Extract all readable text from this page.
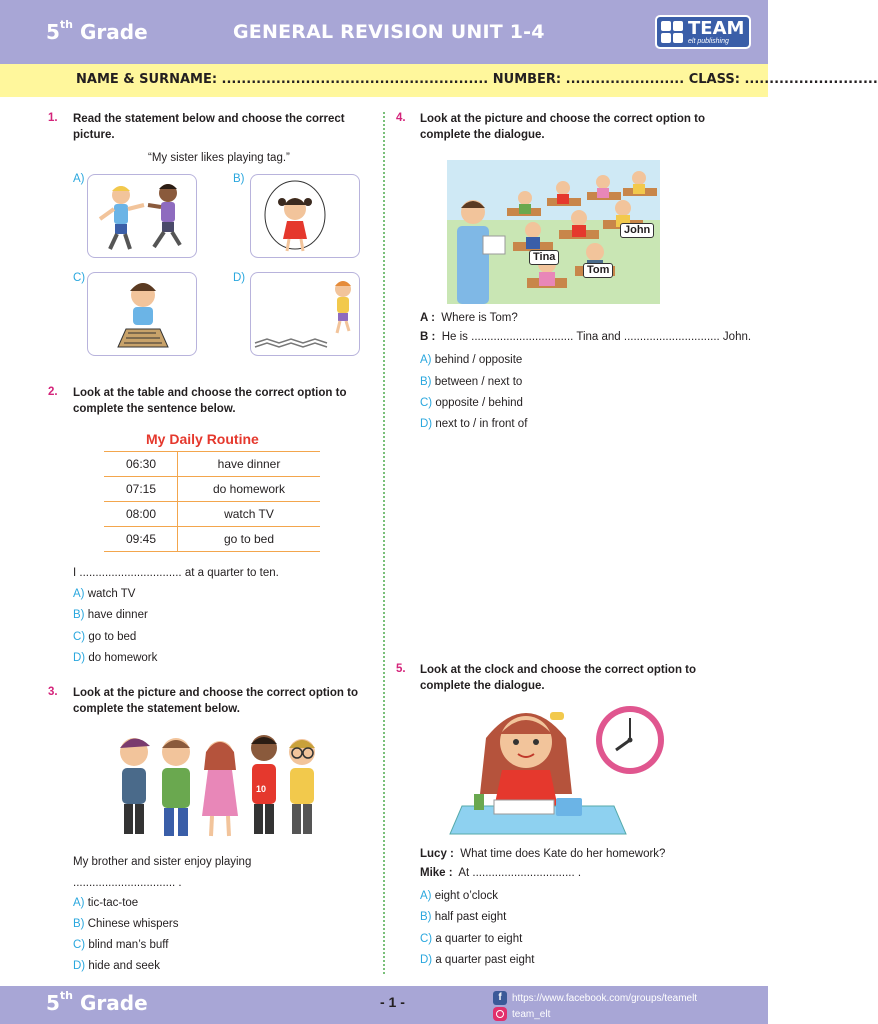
5th Grade	GENERAL REVISION UNIT 1-4	TEAM
elt publishing
NAME & SURNAME: ...................................................... NUMBER: ........................ CLASS: ...........................
1. Read the statement below and choose the correct picture.
“My sister likes playing tag.”
A)	B)
C)	D)
2. Look at the table and choose the correct option to complete the sentence below.
My Daily Routine
06:30	have dinner
07:15	do homework
08:00	watch TV
09:45	go to bed
I ................................ at a quarter to ten.
A) watch TV
B) have dinner
C) go to bed
D) do homework
3. Look at the picture and choose the correct option to complete the statement below.
10
My brother and sister enjoy playing
................................ .
A) tic-tac-toe
B) Chinese whispers
C) blind man’s buff
D) hide and seek
4. Look at the picture and choose the correct option to complete the dialogue.
John
Tina
Tom
A : Where is Tom?
B : He is ................................ Tina and .............................. John.
A) behind / opposite
B) between / next to
C) opposite / behind
D) next to / in front of
5. Look at the clock and choose the correct option to complete the dialogue.
Lucy : What time does Kate do her homework?
Mike : At ................................ .
A) eight o’clock
B) half past eight
C) a quarter to eight
D) a quarter past eight
5th Grade	- 1 -	f	https://www.facebook.com/groups/teamelt
team_elt
